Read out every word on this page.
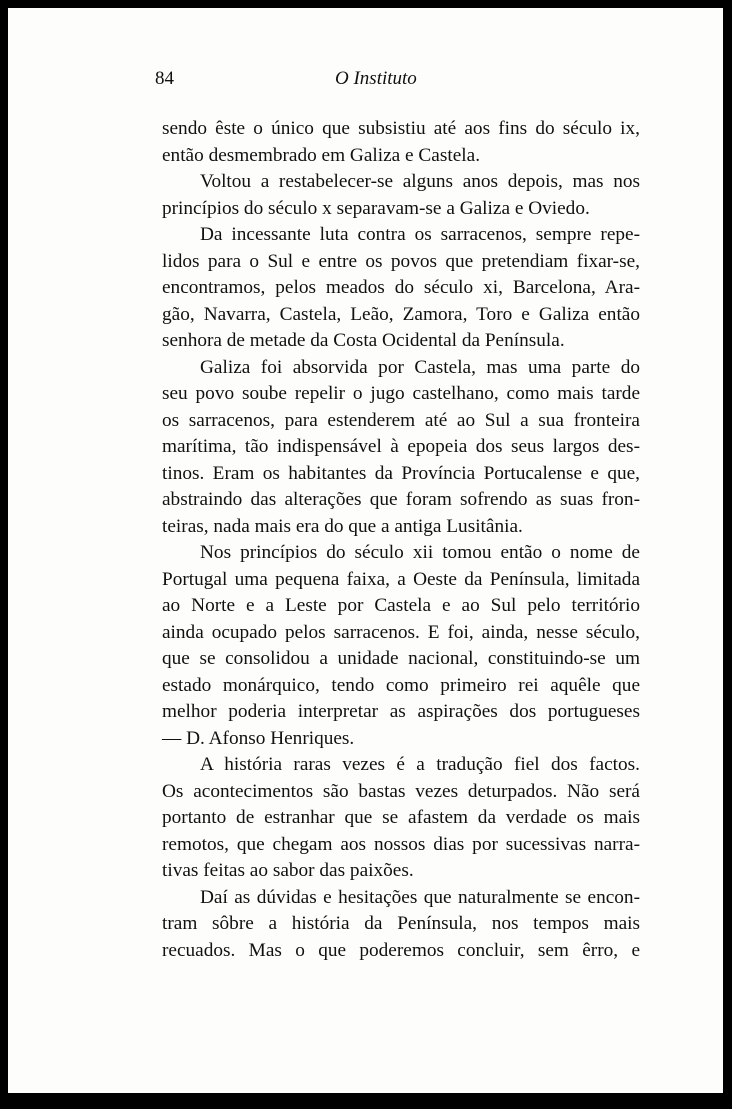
84	O Instituto
sendo êste o único que subsistiu até aos fins do século ix,
então desmembrado em Galiza e Castela.
Voltou a restabelecer-se alguns anos depois, mas nos
princípios do século x separavam-se a Galiza e Oviedo.
Da incessante luta contra os sarracenos, sempre repe-
lidos para o Sul e entre os povos que pretendiam fixar-se,
encontramos, pelos meados do século xi, Barcelona, Ara-
gão, Navarra, Castela, Leão, Zamora, Toro e Galiza então
senhora de metade da Costa Ocidental da Península.
Galiza foi absorvida por Castela, mas uma parte do
seu povo soube repelir o jugo castelhano, como mais tarde
os sarracenos, para estenderem até ao Sul a sua fronteira
marítima, tão indispensável à epopeia dos seus largos des-
tinos. Eram os habitantes da Província Portucalense e que,
abstraindo das alterações que foram sofrendo as suas fron-
teiras, nada mais era do que a antiga Lusitânia.
Nos princípios do século xii tomou então o nome de
Portugal uma pequena faixa, a Oeste da Península, limitada
ao Norte e a Leste por Castela e ao Sul pelo território
ainda ocupado pelos sarracenos. E foi, ainda, nesse século,
que se consolidou a unidade nacional, constituindo-se um
estado monárquico, tendo como primeiro rei aquêle que
melhor poderia interpretar as aspirações dos portugueses
— D. Afonso Henriques.
A história raras vezes é a tradução fiel dos factos.
Os acontecimentos são bastas vezes deturpados. Não será
portanto de estranhar que se afastem da verdade os mais
remotos, que chegam aos nossos dias por sucessivas narra-
tivas feitas ao sabor das paixões.
Daí as dúvidas e hesitações que naturalmente se encon-
tram sôbre a história da Península, nos tempos mais
recuados. Mas o que poderemos concluir, sem êrro, e
